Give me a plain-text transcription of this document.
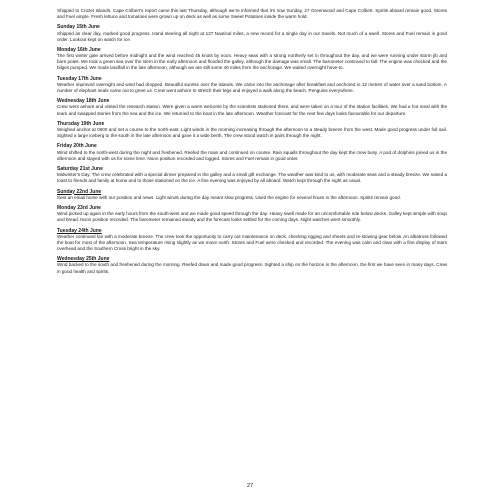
Shipped to Crozet Islands. Cape Colbert’s report came this last Thursday, although we’re informed that it’s now Sunday, 27 Greenwood and Cape Colbert. Spirits aboard remain good. Stores and Fuel ample. Fresh lettuce and tomatoes were grown up on deck as well as some Sweet Potatoes inside the warm hold.
Sunday 15th June
Shipped as clear day, marked good progress. Hand steering all night at 137 Nautical miles, a new record for a single day in our travels. Not much of a swell. Stores and Fuel remain in good order. Lookout kept on watch for ice.
Monday 16th June
The first winter gale arrived before midnight and the wind reached 45 knots by noon. Heavy seas with a strong northerly set in throughout the day, and we were running under storm jib and bare poles. We took a green sea over the stern in the early afternoon and flooded the galley, although the damage was small. The barometer continued to fall. The engine was checked and the bilges pumped. We made landfall in the late afternoon, although we are still some 40 miles from the anchorage. We waited overnight hove-to.
Tuesday 17th June
Weather improved overnight and wind had dropped. Beautiful sunrise over the islands. We came into the anchorage after breakfast and anchored in 12 metres of water over a sand bottom. A number of elephant seals came out to greet us. Crew went ashore to stretch their legs and enjoyed a walk along the beach. Penguins everywhere.
Wednesday 18th June
Crew went ashore and visited the research station. Were given a warm welcome by the scientists stationed there, and were taken on a tour of the station facilities. We had a hot meal with the team and swapped stories from the sea and the ice. We returned to the boat in the late afternoon. Weather forecast for the next few days looks favourable for our departure.
Thursday 19th June
Weighed anchor at 0600 and set a course to the north-east. Light winds in the morning increasing through the afternoon to a steady breeze from the west. Made good progress under full sail. Sighted a large iceberg to the south in the late afternoon and gave it a wide berth. The crew stood watch in pairs through the night.
Friday 20th June
Wind shifted to the north-west during the night and freshened. Reefed the main and continued on course. Rain squalls throughout the day kept the crew busy. A pod of dolphins joined us in the afternoon and stayed with us for some time. Noon position recorded and logged. Stores and Fuel remain in good order.
Saturday 21st June
Midwinter’s Day. The crew celebrated with a special dinner prepared in the galley and a small gift exchange. The weather was kind to us, with moderate seas and a steady breeze. We raised a toast to friends and family at home and to those stationed on the ice. A fine evening was enjoyed by all aboard. Watch kept through the night as usual.
Sunday 22nd June
Sent an email home with our position and news. Light winds during the day meant slow progress. Used the engine for several hours in the afternoon. Spirits remain good.
Monday 23rd June
Wind picked up again in the early hours from the south-west and we made good speed through the day. Heavy swell made for an uncomfortable ride below decks. Galley kept simple with soup and bread. Noon position recorded. The barometer remained steady and the forecast looks settled for the coming days. Night watches went smoothly.
Tuesday 24th June
Weather continued fair with a moderate breeze. The crew took the opportunity to carry out maintenance on deck, checking rigging and sheets and re-stowing gear below. An albatross followed the boat for most of the afternoon. Sea temperature rising slightly as we move north. Stores and Fuel were checked and recorded. The evening was calm and clear with a fine display of stars overhead and the Southern Cross bright in the sky.
Wednesday 25th June
Wind backed to the south and freshened during the morning. Reefed down and made good progress. Sighted a ship on the horizon in the afternoon, the first we have seen in many days. Crew in good health and spirits.
27
